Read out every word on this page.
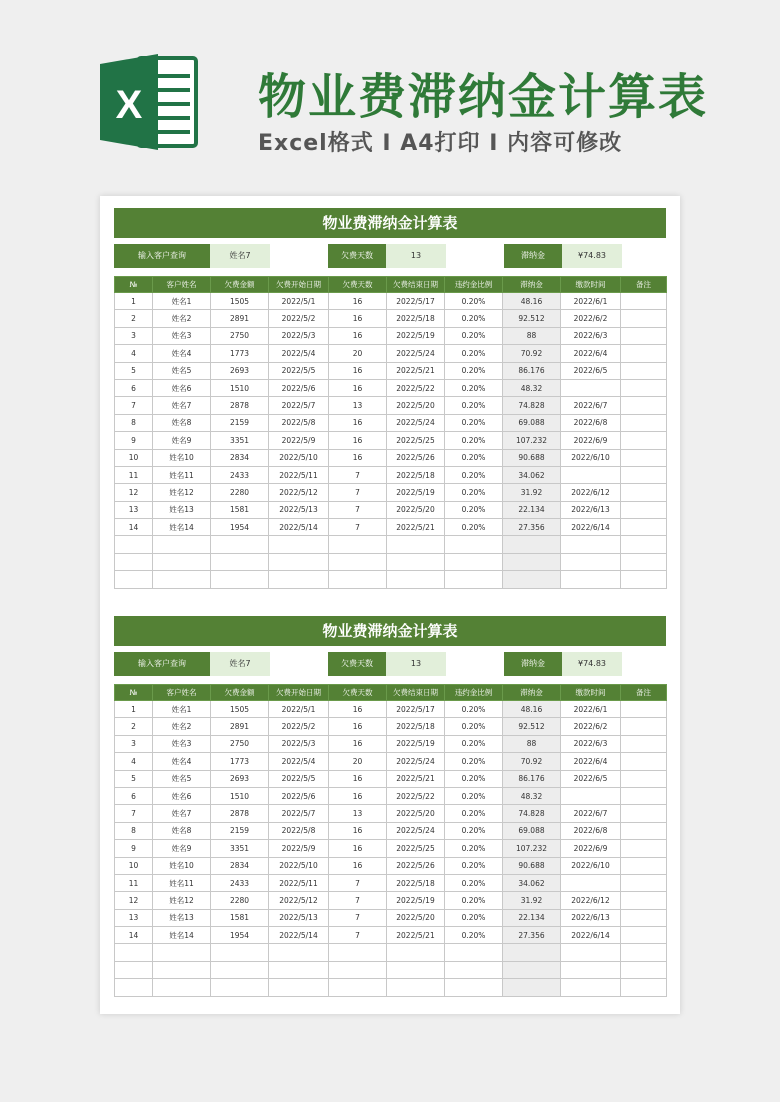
X 物业费滞纳金计算表
Excel格式 I A4打印 I 内容可修改
物业费滞纳金计算表
输入客户查询	姓名7	欠费天数	13	滞纳金	¥74.83
№	客户姓名	欠费金额	欠费开始日期	欠费天数	欠费结束日期	违约金比例	滞纳金	缴款时间	备注
1	姓名1	1505	2022/5/1	16	2022/5/17	0.20%	48.16	2022/6/1	
2	姓名2	2891	2022/5/2	16	2022/5/18	0.20%	92.512	2022/6/2	
3	姓名3	2750	2022/5/3	16	2022/5/19	0.20%	88	2022/6/3	
4	姓名4	1773	2022/5/4	20	2022/5/24	0.20%	70.92	2022/6/4	
5	姓名5	2693	2022/5/5	16	2022/5/21	0.20%	86.176	2022/6/5	
6	姓名6	1510	2022/5/6	16	2022/5/22	0.20%	48.32		
7	姓名7	2878	2022/5/7	13	2022/5/20	0.20%	74.828	2022/6/7	
8	姓名8	2159	2022/5/8	16	2022/5/24	0.20%	69.088	2022/6/8	
9	姓名9	3351	2022/5/9	16	2022/5/25	0.20%	107.232	2022/6/9	
10	姓名10	2834	2022/5/10	16	2022/5/26	0.20%	90.688	2022/6/10	
11	姓名11	2433	2022/5/11	7	2022/5/18	0.20%	34.062		
12	姓名12	2280	2022/5/12	7	2022/5/19	0.20%	31.92	2022/6/12	
13	姓名13	1581	2022/5/13	7	2022/5/20	0.20%	22.134	2022/6/13	
14	姓名14	1954	2022/5/14	7	2022/5/21	0.20%	27.356	2022/6/14	

物业费滞纳金计算表
输入客户查询	姓名7	欠费天数	13	滞纳金	¥74.83
№	客户姓名	欠费金额	欠费开始日期	欠费天数	欠费结束日期	违约金比例	滞纳金	缴款时间	备注
1	姓名1	1505	2022/5/1	16	2022/5/17	0.20%	48.16	2022/6/1	
2	姓名2	2891	2022/5/2	16	2022/5/18	0.20%	92.512	2022/6/2	
3	姓名3	2750	2022/5/3	16	2022/5/19	0.20%	88	2022/6/3	
4	姓名4	1773	2022/5/4	20	2022/5/24	0.20%	70.92	2022/6/4	
5	姓名5	2693	2022/5/5	16	2022/5/21	0.20%	86.176	2022/6/5	
6	姓名6	1510	2022/5/6	16	2022/5/22	0.20%	48.32		
7	姓名7	2878	2022/5/7	13	2022/5/20	0.20%	74.828	2022/6/7	
8	姓名8	2159	2022/5/8	16	2022/5/24	0.20%	69.088	2022/6/8	
9	姓名9	3351	2022/5/9	16	2022/5/25	0.20%	107.232	2022/6/9	
10	姓名10	2834	2022/5/10	16	2022/5/26	0.20%	90.688	2022/6/10	
11	姓名11	2433	2022/5/11	7	2022/5/18	0.20%	34.062		
12	姓名12	2280	2022/5/12	7	2022/5/19	0.20%	31.92	2022/6/12	
13	姓名13	1581	2022/5/13	7	2022/5/20	0.20%	22.134	2022/6/13	
14	姓名14	1954	2022/5/14	7	2022/5/21	0.20%	27.356	2022/6/14	
